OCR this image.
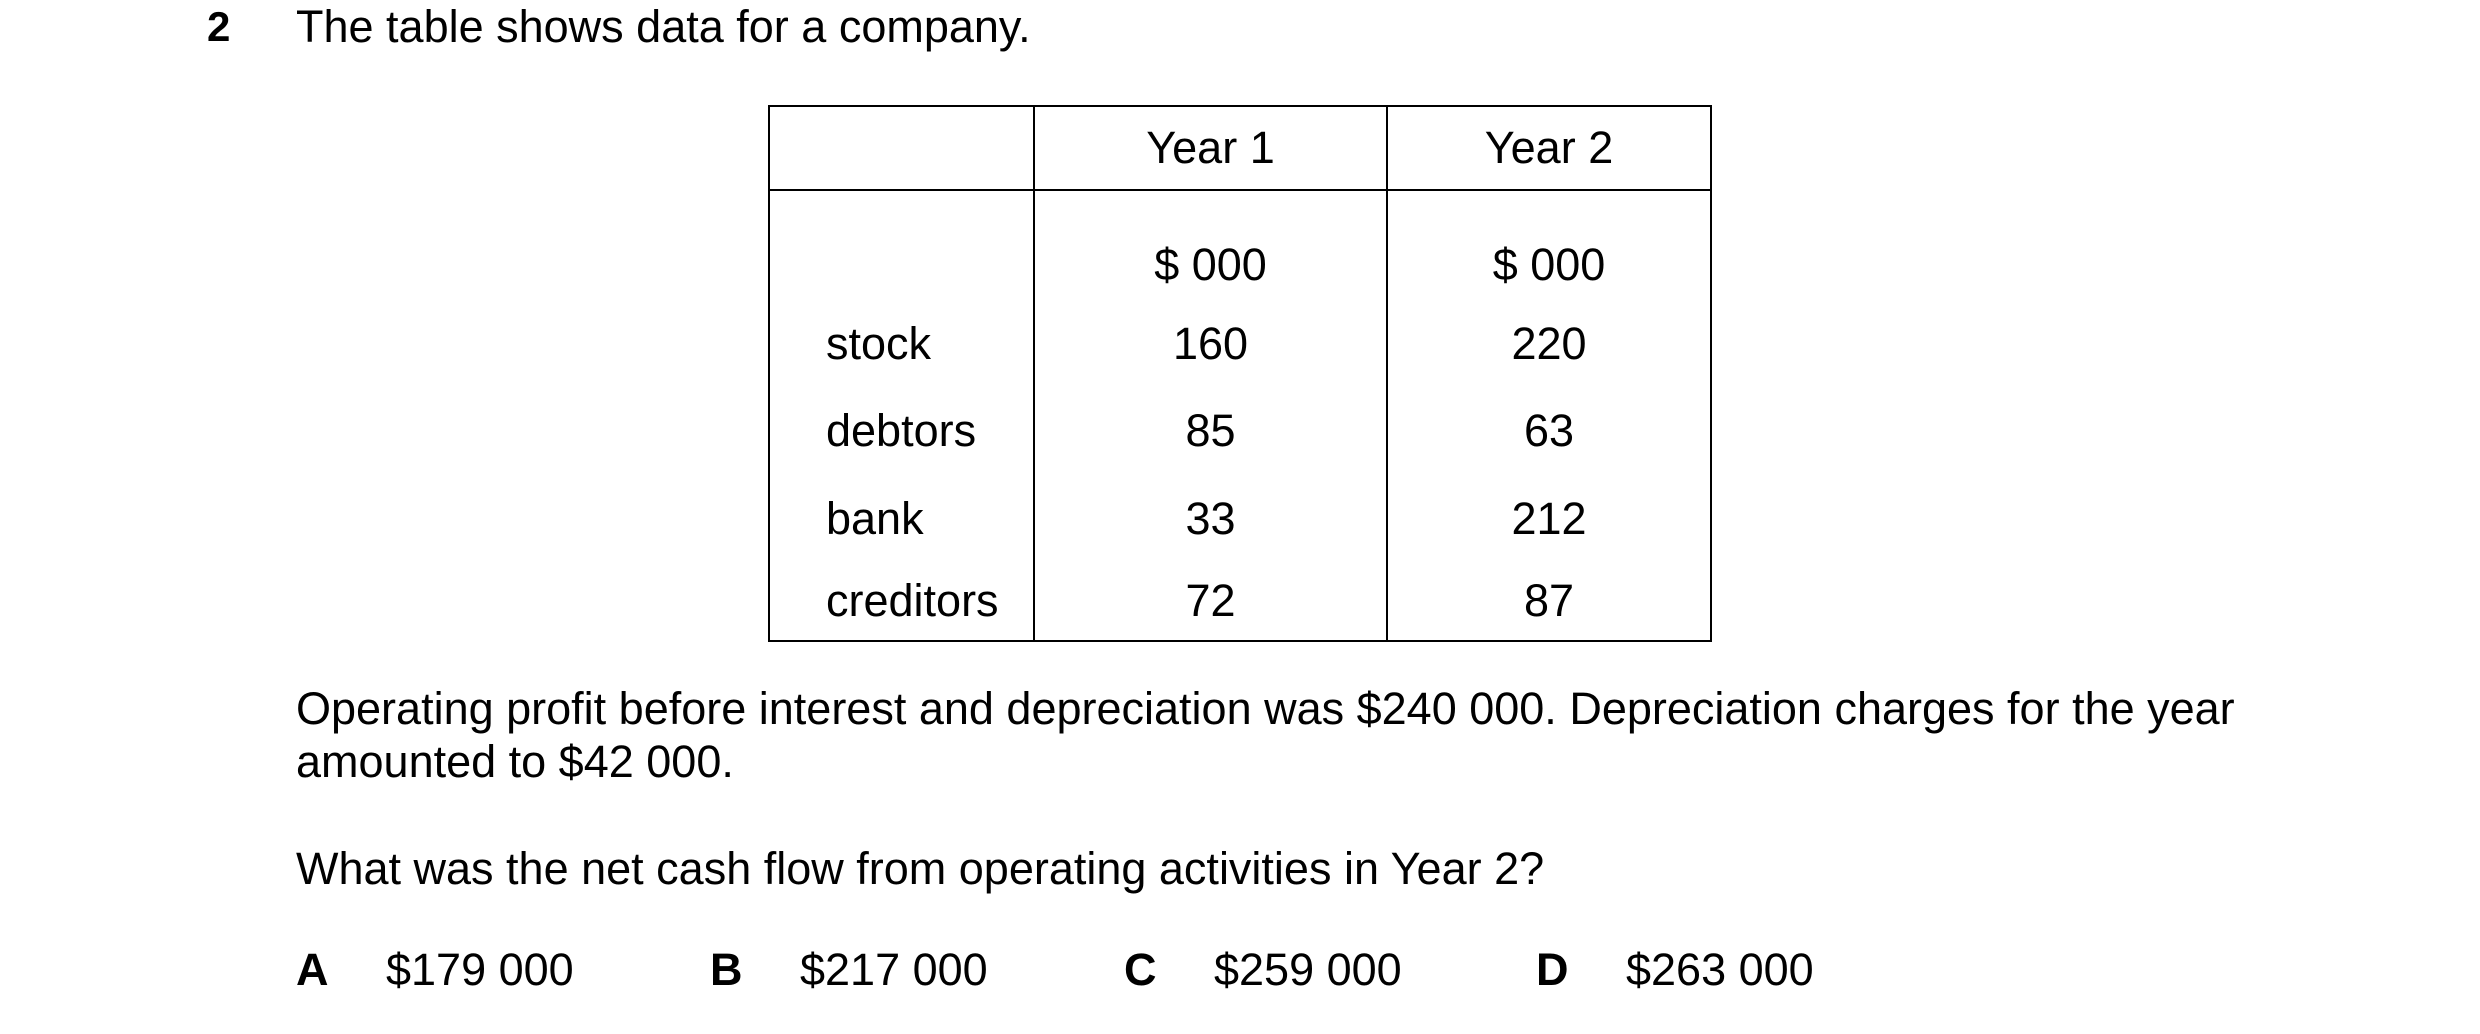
2 The table shows data for a company.
	Year 1	Year 2
	$ 000	$ 000
stock	160	220
debtors	85	63
bank	33	212
creditors	72	87
Operating profit before interest and depreciation was $240 000. Depreciation charges for the year
amounted to $42 000.
What was the net cash flow from operating activities in Year 2?
A $179 000	B $217 000	C $259 000	D $263 000
